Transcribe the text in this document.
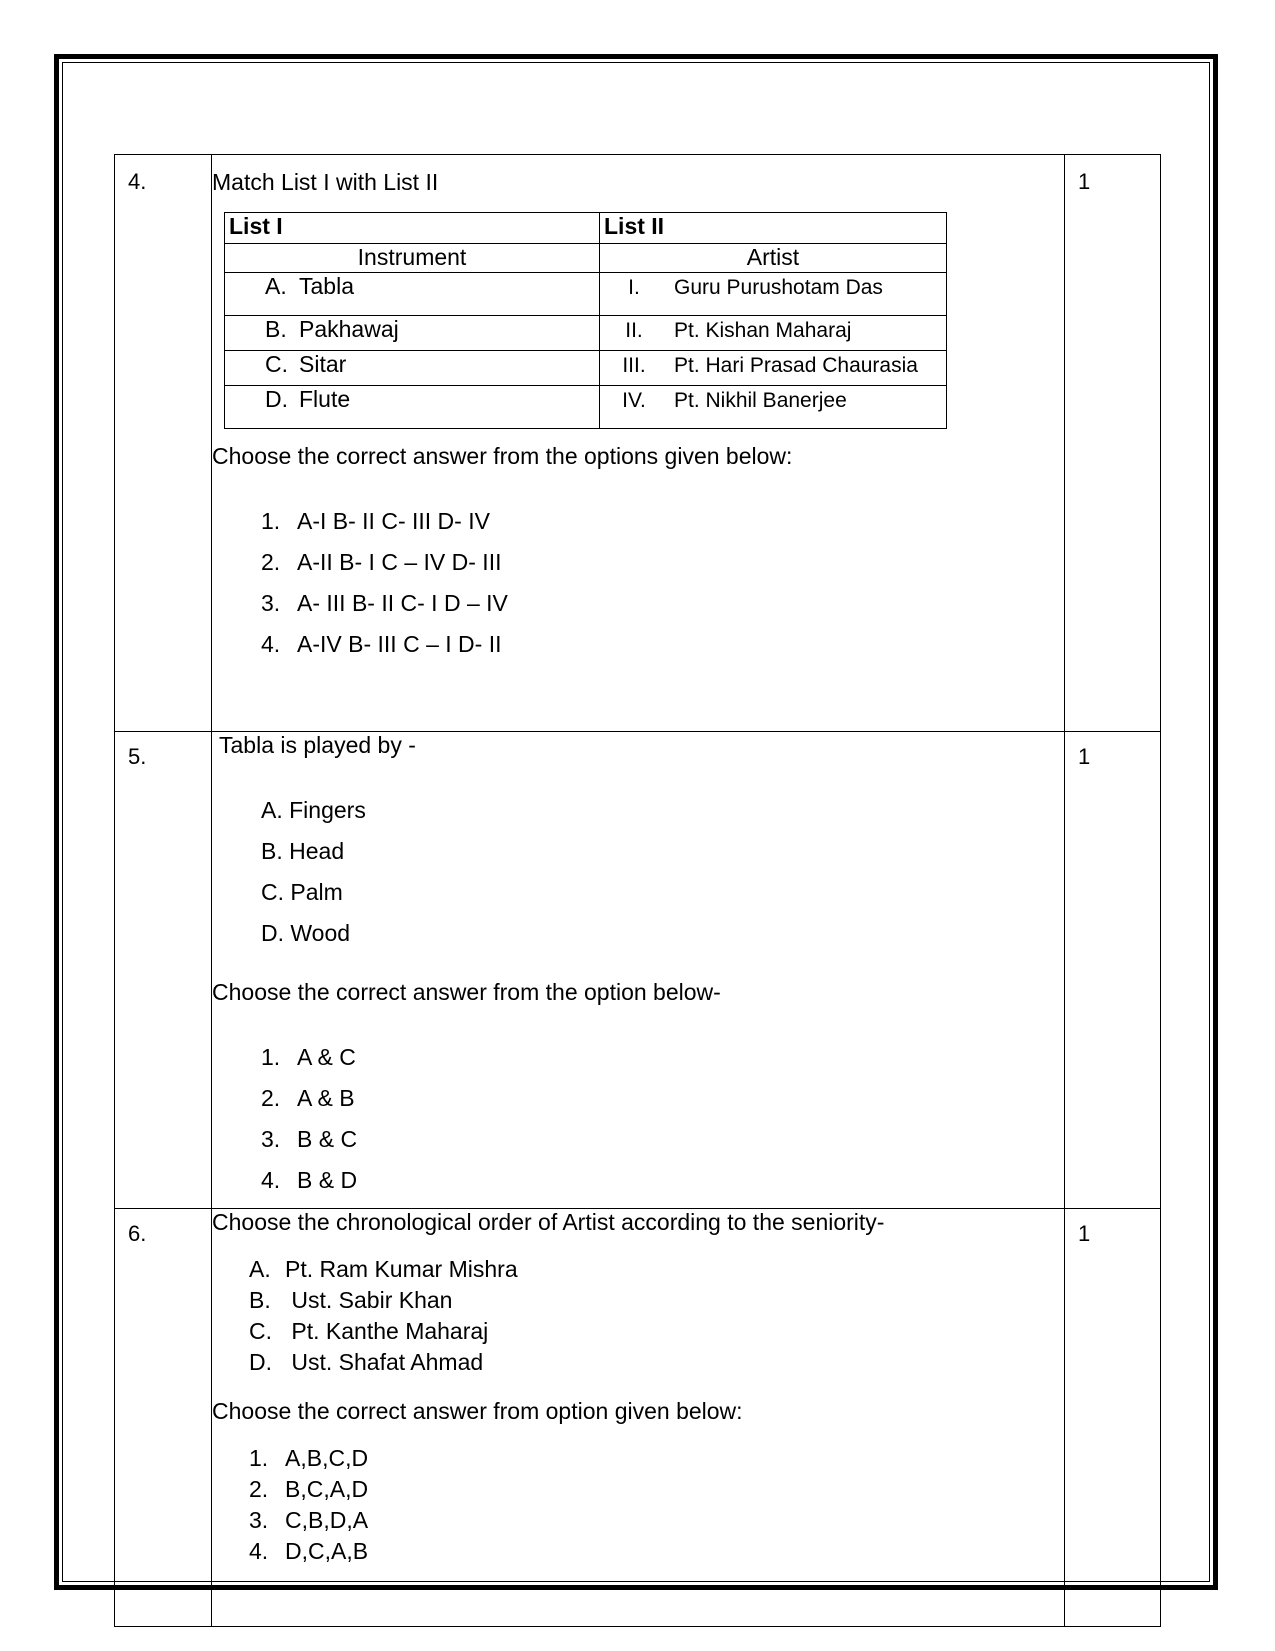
4.	Match List I with List II

List I	List II
Instrument	Artist
A. Tabla	I. Guru Purushotam Das
B. Pakhawaj	II. Pt. Kishan Maharaj
C. Sitar	III. Pt. Hari Prasad Chaurasia
D. Flute	IV. Pt. Nikhil Banerjee

Choose the correct answer from the options given below:

1. A-I B- II C- III D- IV
2. A-II B- I C – IV D- III
3. A- III B- II C- I D – IV
4. A-IV B- III C – I D- II
	1
5.	Tabla is played by -

A.
Fingers
B.
Head
C.
Palm
D.
Wood

Choose the correct answer from the option below-

1. A & C
2. A & B
3. B & C
4. B & D
	1
6.	Choose the chronological order of Artist according to the seniority-

A. Pt. Ram Kumar Mishra
B.
Ust. Sabir Khan
C.
Pt. Kanthe Maharaj
D.
Ust. Shafat Ahmad

Choose the correct answer from option given below:

1. A,B,C,D
2. B,C,A,D
3. C,B,D,A
4. D,C,A,B
	1
